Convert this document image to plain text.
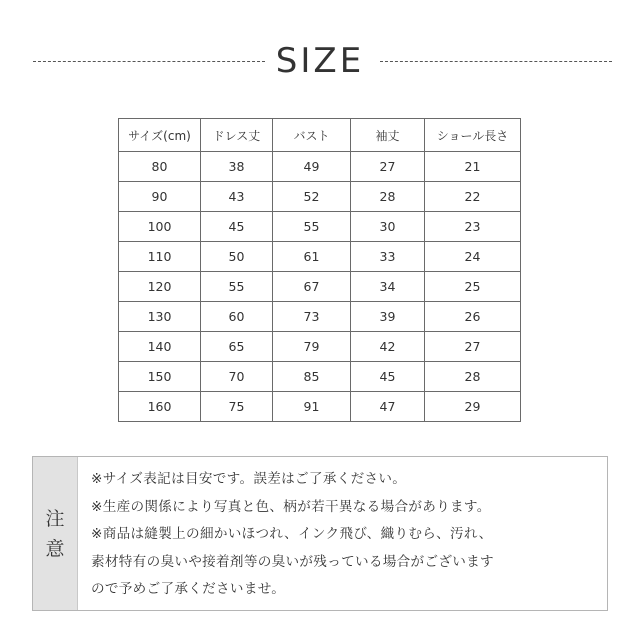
SIZE
サイズ(cm)	ドレス丈	バスト	袖丈	ショール長さ
80	38	49	27	21
90	43	52	28	22
100	45	55	30	23
110	50	61	33	24
120	55	67	34	25
130	60	73	39	26
140	65	79	42	27
150	70	85	45	28
160	75	91	47	29
注
意

※サイズ表記は目安です。誤差はご了承ください。

※生産の関係により写真と色、柄が若干異なる場合があります。

※商品は縫製上の細かいほつれ、インク飛び、織りむら、汚れ、

素材特有の臭いや接着剤等の臭いが残っている場合がございます

ので予めご了承くださいませ。
